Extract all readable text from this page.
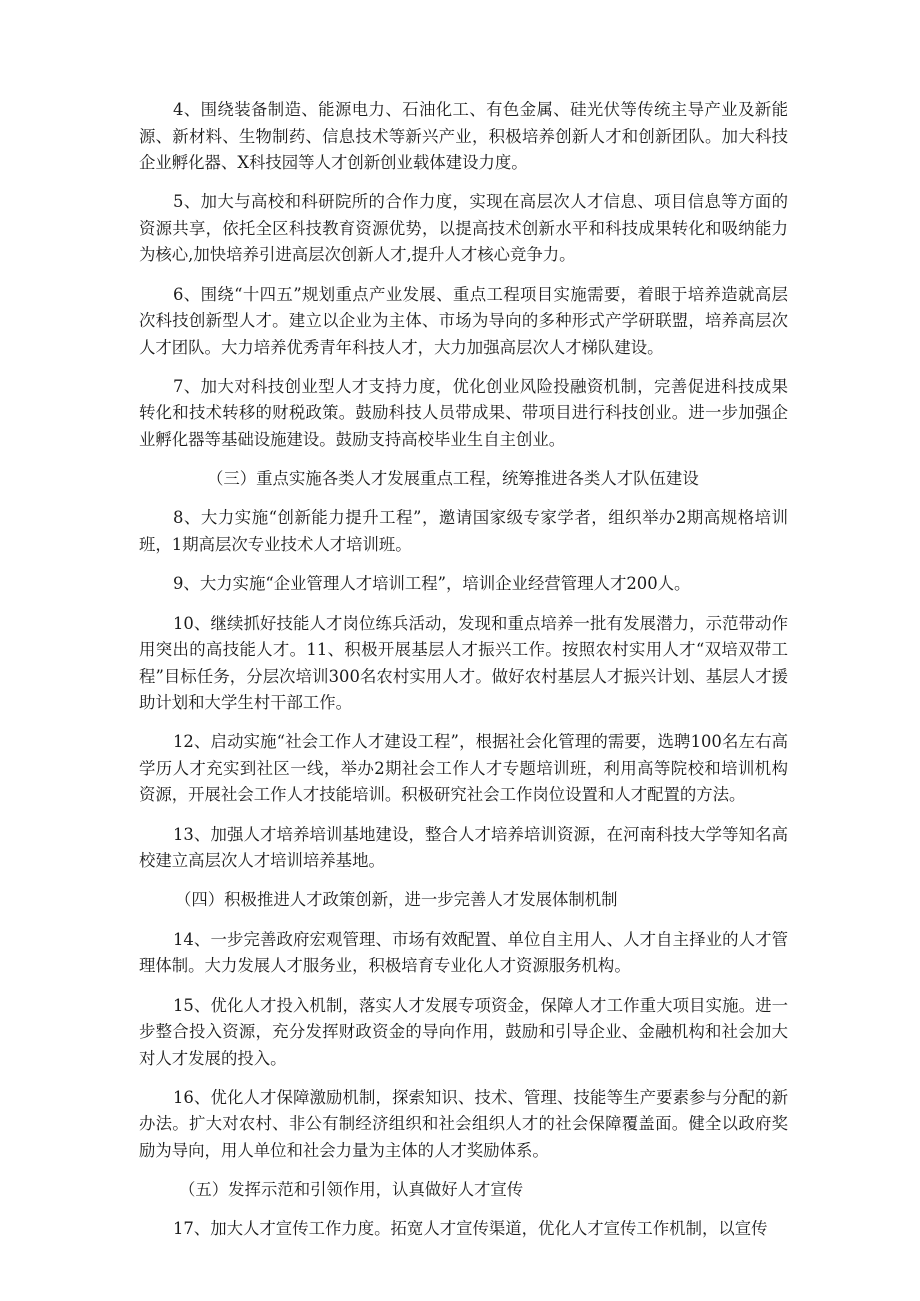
4、围绕装备制造、能源电力、石油化工、有色金属、硅光伏等传统主导产业及新能源、新材料、生物制药、信息技术等新兴产业，积极培养创新人才和创新团队。加大科技企业孵化器、X科技园等人才创新创业载体建设力度。

5、加大与高校和科研院所的合作力度，实现在高层次人才信息、项目信息等方面的资源共享，依托全区科技教育资源优势，以提高技术创新水平和科技成果转化和吸纳能力为核心,加快培养引进高层次创新人才,提升人才核心竞争力。

6、围绕“十四五”规划重点产业发展、重点工程项目实施需要，着眼于培养造就高层次科技创新型人才。建立以企业为主体、市场为导向的多种形式产学研联盟，培养高层次人才团队。大力培养优秀青年科技人才，大力加强高层次人才梯队建设。

7、加大对科技创业型人才支持力度，优化创业风险投融资机制，完善促进科技成果转化和技术转移的财税政策。鼓励科技人员带成果、带项目进行科技创业。进一步加强企业孵化器等基础设施建设。鼓励支持高校毕业生自主创业。

（三）重点实施各类人才发展重点工程，统筹推进各类人才队伍建设

8、大力实施“创新能力提升工程”，邀请国家级专家学者，组织举办2期高规格培训班，1期高层次专业技术人才培训班。

9、大力实施“企业管理人才培训工程”，培训企业经营管理人才200人。

10、继续抓好技能人才岗位练兵活动，发现和重点培养一批有发展潜力，示范带动作用突出的高技能人才。11、积极开展基层人才振兴工作。按照农村实用人才“双培双带工程”目标任务，分层次培训300名农村实用人才。做好农村基层人才振兴计划、基层人才援助计划和大学生村干部工作。

12、启动实施“社会工作人才建设工程”，根据社会化管理的需要，选聘100名左右高学历人才充实到社区一线，举办2期社会工作人才专题培训班，利用高等院校和培训机构资源，开展社会工作人才技能培训。积极研究社会工作岗位设置和人才配置的方法。

13、加强人才培养培训基地建设，整合人才培养培训资源，在河南科技大学等知名高校建立高层次人才培训培养基地。

（四）积极推进人才政策创新，进一步完善人才发展体制机制

14、一步完善政府宏观管理、市场有效配置、单位自主用人、人才自主择业的人才管理体制。大力发展人才服务业，积极培育专业化人才资源服务机构。

15、优化人才投入机制，落实人才发展专项资金，保障人才工作重大项目实施。进一步整合投入资源，充分发挥财政资金的导向作用，鼓励和引导企业、金融机构和社会加大对人才发展的投入。

16、优化人才保障激励机制，探索知识、技术、管理、技能等生产要素参与分配的新办法。扩大对农村、非公有制经济组织和社会组织人才的社会保障覆盖面。健全以政府奖励为导向，用人单位和社会力量为主体的人才奖励体系。

（五）发挥示范和引领作用，认真做好人才宣传

17、加大人才宣传工作力度。拓宽人才宣传渠道，优化人才宣传工作机制，以宣传
